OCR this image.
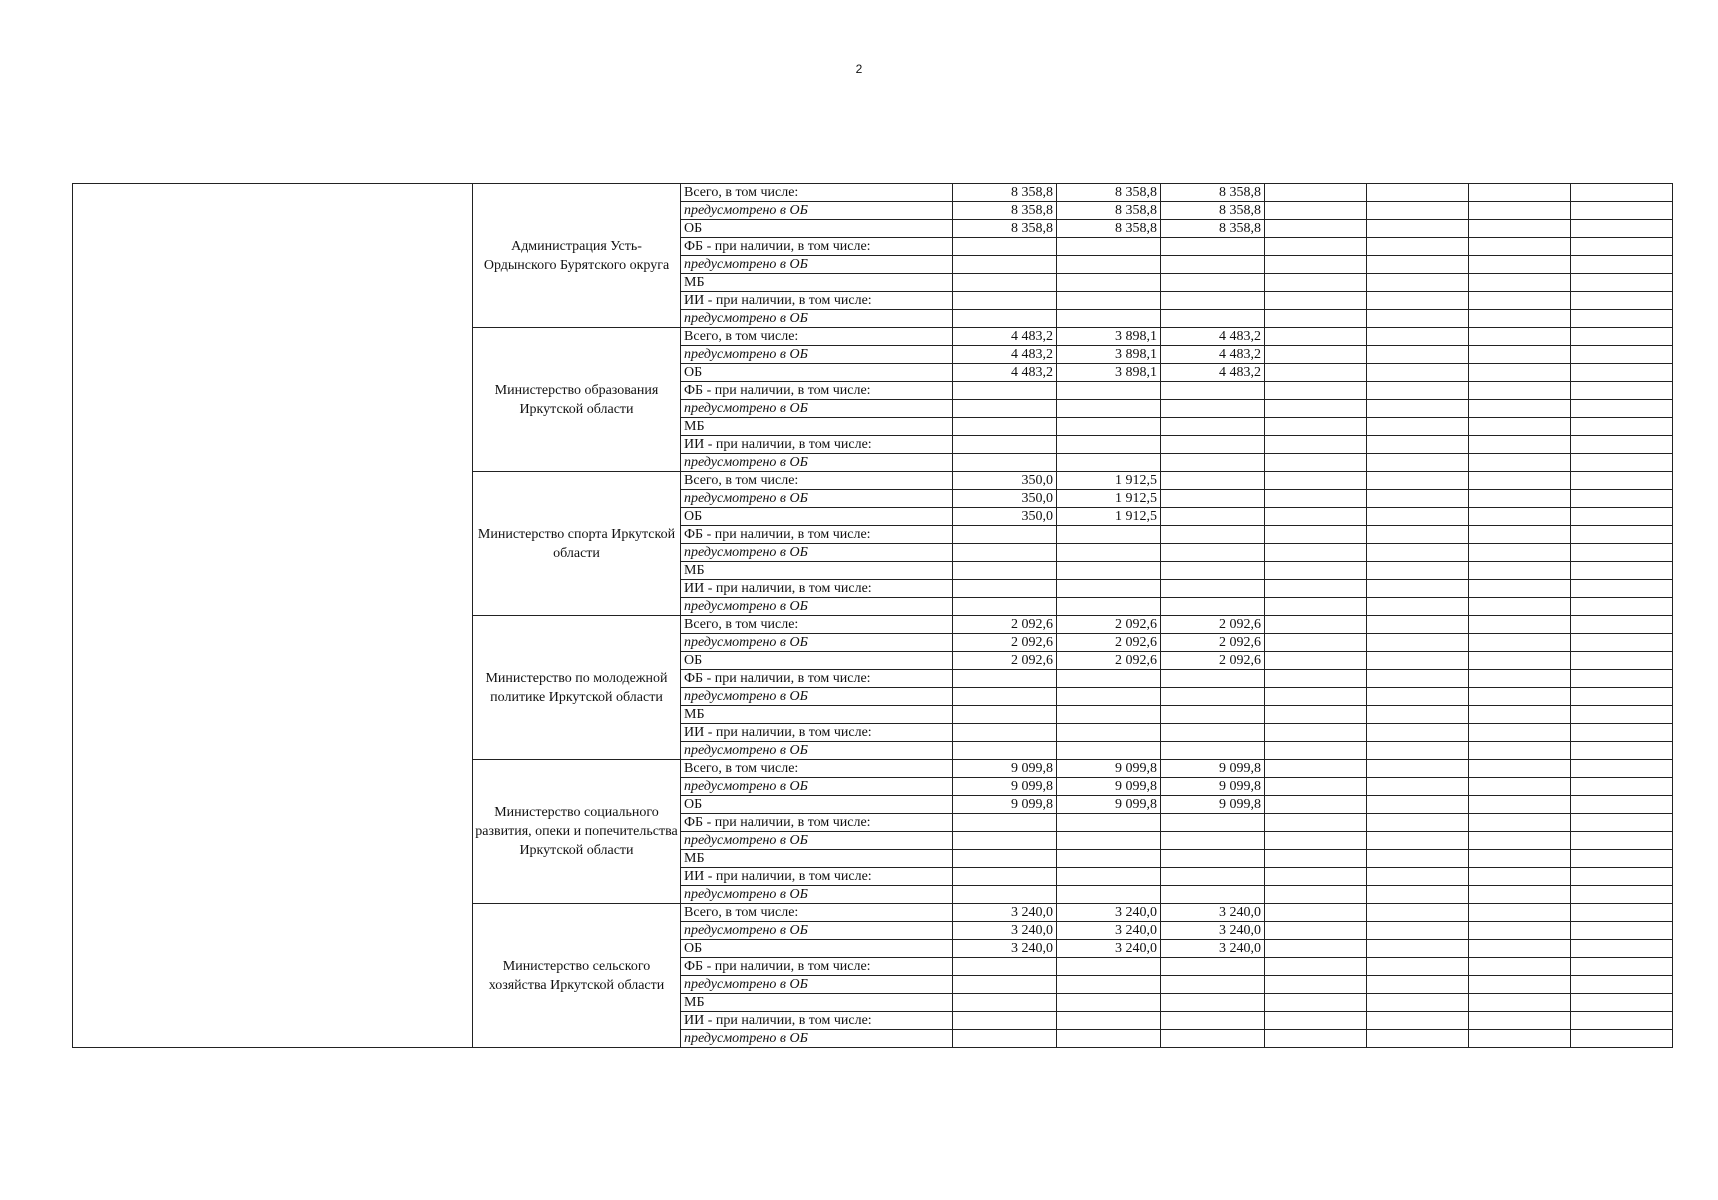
2
	Администрация Усть-Ордынского Бурятского округа	Всего, в том числе:	8 358,8	8 358,8	8 358,8				
		предусмотрено в ОБ	8 358,8	8 358,8	8 358,8				
		ОБ	8 358,8	8 358,8	8 358,8				
		ФБ - при наличии, в том числе:							
		предусмотрено в ОБ							
		МБ							
		ИИ - при наличии, в том числе:							
		предусмотрено в ОБ							
	Министерство образования Иркутской области	Всего, в том числе:	4 483,2	3 898,1	4 483,2				
		предусмотрено в ОБ	4 483,2	3 898,1	4 483,2				
		ОБ	4 483,2	3 898,1	4 483,2				
		ФБ - при наличии, в том числе:							
		предусмотрено в ОБ							
		МБ							
		ИИ - при наличии, в том числе:							
		предусмотрено в ОБ							
	Министерство спорта Иркутской области	Всего, в том числе:	350,0	1 912,5					
		предусмотрено в ОБ	350,0	1 912,5					
		ОБ	350,0	1 912,5					
		ФБ - при наличии, в том числе:							
		предусмотрено в ОБ							
		МБ							
		ИИ - при наличии, в том числе:							
		предусмотрено в ОБ							
	Министерство по молодежной политике Иркутской области	Всего, в том числе:	2 092,6	2 092,6	2 092,6				
		предусмотрено в ОБ	2 092,6	2 092,6	2 092,6				
		ОБ	2 092,6	2 092,6	2 092,6				
		ФБ - при наличии, в том числе:							
		предусмотрено в ОБ							
		МБ							
		ИИ - при наличии, в том числе:							
		предусмотрено в ОБ							
	Министерство социального развития, опеки и попечительства Иркутской области	Всего, в том числе:	9 099,8	9 099,8	9 099,8				
		предусмотрено в ОБ	9 099,8	9 099,8	9 099,8				
		ОБ	9 099,8	9 099,8	9 099,8				
		ФБ - при наличии, в том числе:							
		предусмотрено в ОБ							
		МБ							
		ИИ - при наличии, в том числе:							
		предусмотрено в ОБ							
	Министерство сельского хозяйства Иркутской области	Всего, в том числе:	3 240,0	3 240,0	3 240,0				
		предусмотрено в ОБ	3 240,0	3 240,0	3 240,0				
		ОБ	3 240,0	3 240,0	3 240,0				
		ФБ - при наличии, в том числе:							
		предусмотрено в ОБ							
		МБ							
		ИИ - при наличии, в том числе:							
		предусмотрено в ОБ							
